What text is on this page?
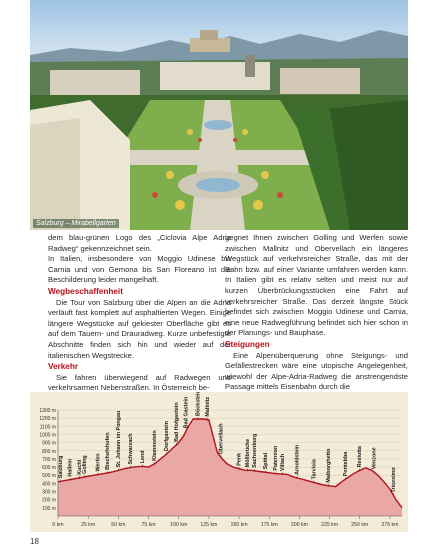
Salzburg – Mirabellgarten

dem blau-grünen Logo des „Ciclovia Alpe Adria Radweg“ gekennzeichnet sein.

In Italien, insbesondere von Moggio Udinese bis Carnia und von Gemona bis San Floreano ist die Beschilderung leider mangelhaft.

Wegbeschaffenheit

Die Tour von Salzburg über die Alpen an die Adria verläuft fast komplett auf asphaltierten Wegen. Einige längere Wegstücke auf gekiester Oberfläche gibt es auf dem Tauern- und Drauradweg. Kurze unbefestigte Abschnitte finden sich hin und wieder auf der italienischen Wegstrecke.

Verkehr

Sie fahren überwiegend auf Radwegen und verkehrsarmen Nebenstraßen. In Österreich be-

gegnet Ihnen zwischen Golling und Werfen sowie zwischen Mallnitz und Obervellach ein längeres Wegstück auf verkehrsreicher Straße, das mit der Bahn bzw. auf einer Variante umfahren werden kann. In Italien gibt es relativ selten und meist nur auf kurzen Überbrückungsstücken eine Fahrt auf verkehrsreicher Straße. Das derzeit längste Stück befindet sich zwischen Moggio Udinese und Carnia, eine neue Radwegführung befindet sich hier schon in der Planungs- und Bauphase.

Steigungen

Eine Alpenüberquerung ohne Steigungs- und Gefällestrecken wäre eine utopische Angelegenheit, wiewohl der Alpe-Adria-Radweg die anstrengendste Passage mittels Eisenbahn durch die

100 m
200 m
300 m
400 m
500 m
600 m
700 m
800 m
900 m
1000 m
1100 m
1200 m
1300 m
0 km	25 km	50 km	75 km	100 km	125 km	150 km	175 km	200 km	225 km	250 km	275 km
Salzburg Hallein Kuchl
Golling Werfen Bischofshofen St. Johann im Pongau Schwarzach Lend Klammstein Dorfgastein Bad Hofgastein Bad Gastein Böckstein Mallnitz
Obervellach
Penk Möllbrücke Sachsenburg Spittal Paternion Villach Arnoldstein Tarvisio Malborghetto Pontebba Resiutta Venzone
Tricesimo
18
